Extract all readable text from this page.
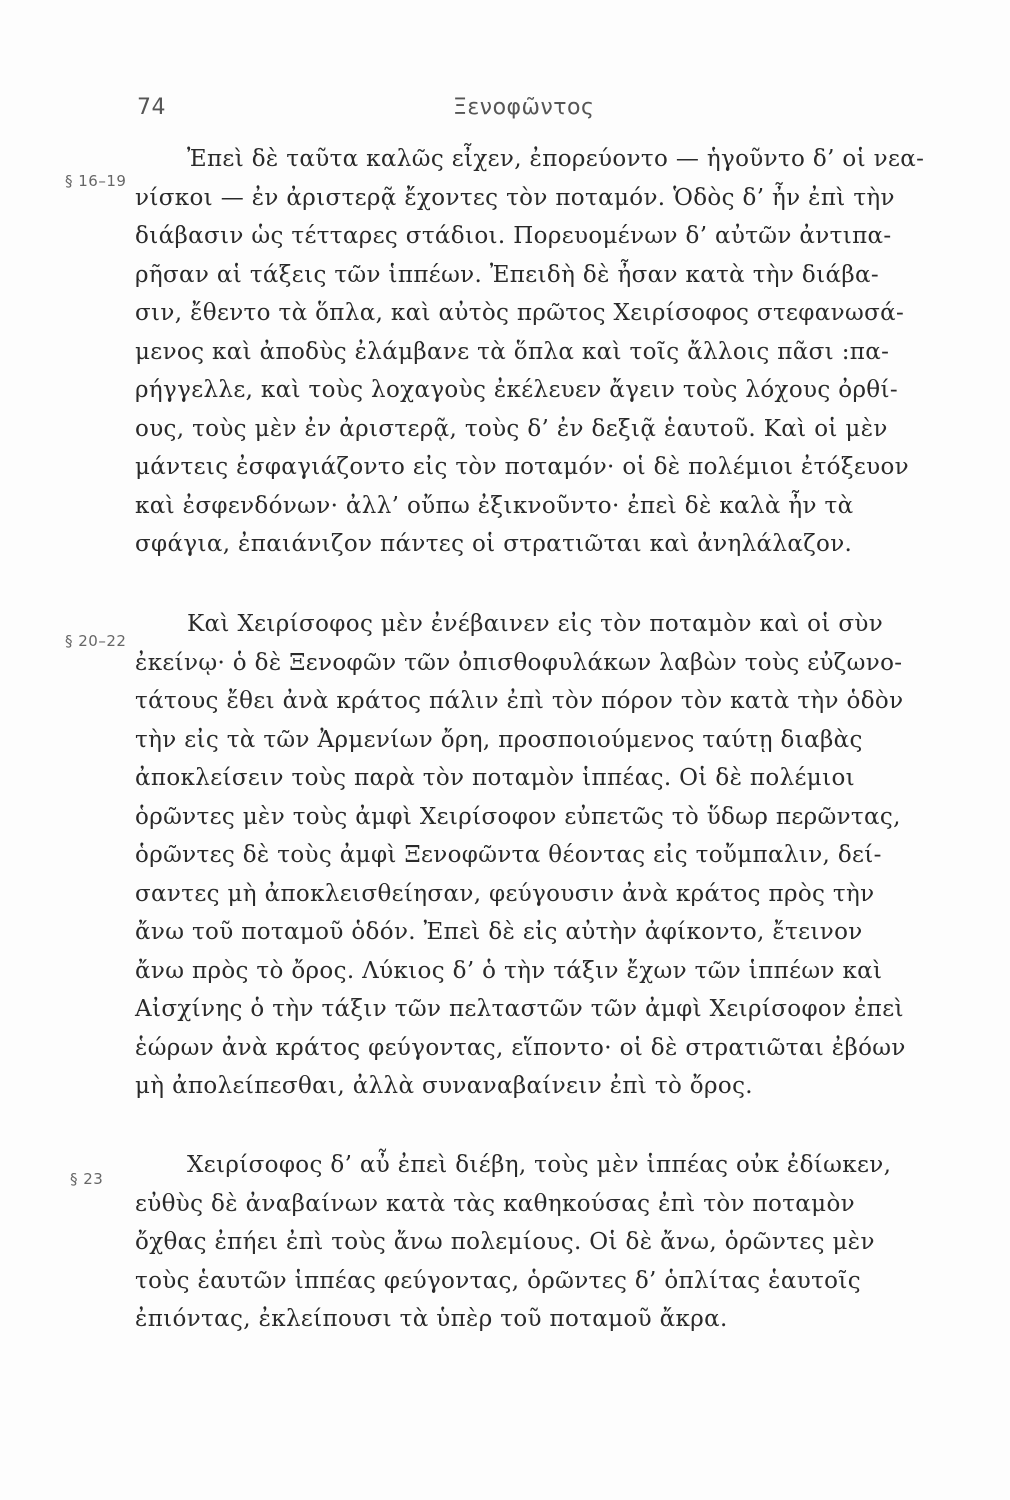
74	Ξενοφῶντος
§ 16–19
§ 20–22
§ 23
Ἐπεὶ δὲ ταῦτα καλῶς εἶχεν, ἐπορεύοντο — ἡγοῦντο δ’ οἱ νεα-
νίσκοι — ἐν ἀριστερᾷ ἔχοντες τὸν ποταμόν. Ὁδὸς δ’ ἦν ἐπὶ τὴν
διάβασιν ὡς τέτταρες στάδιοι. Πορευομένων δ’ αὐτῶν ἀντιπα-
ρῆσαν αἱ τάξεις τῶν ἱππέων. Ἐπειδὴ δὲ ἦσαν κατὰ τὴν διάβα-
σιν, ἔθεντο τὰ ὅπλα, καὶ αὐτὸς πρῶτος Χειρίσοφος στεφανωσά-
μενος καὶ ἀποδὺς ἐλάμβανε τὰ ὅπλα καὶ τοῖς ἄλλοις πᾶσι :πα-
ρήγγελλε, καὶ τοὺς λοχαγοὺς ἐκέλευεν ἄγειν τοὺς λόχους ὀρθί-
ους, τοὺς μὲν ἐν ἀριστερᾷ, τοὺς δ’ ἐν δεξιᾷ ἑαυτοῦ. Καὶ οἱ μὲν
μάντεις ἐσφαγιάζοντο εἰς τὸν ποταμόν· οἱ δὲ πολέμιοι ἐτόξευον
καὶ ἐσφενδόνων· ἀλλ’ οὔπω ἐξικνοῦντο· ἐπεὶ δὲ καλὰ ἦν τὰ
σφάγια, ἐπαιάνιζον πάντες οἱ στρατιῶται καὶ ἀνηλάλαζον.
Καὶ Χειρίσοφος μὲν ἐνέβαινεν εἰς τὸν ποταμὸν καὶ οἱ σὺν
ἐκείνῳ· ὁ δὲ Ξενοφῶν τῶν ὀπισθοφυλάκων λαβὼν τοὺς εὐζωνο-
τάτους ἔθει ἀνὰ κράτος πάλιν ἐπὶ τὸν πόρον τὸν κατὰ τὴν ὁδὸν
τὴν εἰς τὰ τῶν Ἀρμενίων ὄρη, προσποιούμενος ταύτῃ διαβὰς
ἀποκλείσειν τοὺς παρὰ τὸν ποταμὸν ἱππέας. Οἱ δὲ πολέμιοι
ὁρῶντες μὲν τοὺς ἀμφὶ Χειρίσοφον εὐπετῶς τὸ ὕδωρ περῶντας,
ὁρῶντες δὲ τοὺς ἀμφὶ Ξενοφῶντα θέοντας εἰς τοὔμπαλιν, δεί-
σαντες μὴ ἀποκλεισθείησαν, φεύγουσιν ἀνὰ κράτος πρὸς τὴν
ἄνω τοῦ ποταμοῦ ὁδόν. Ἐπεὶ δὲ εἰς αὐτὴν ἀφίκοντο, ἔτεινον
ἄνω πρὸς τὸ ὄρος. Λύκιος δ’ ὁ τὴν τάξιν ἔχων τῶν ἱππέων καὶ
Αἰσχίνης ὁ τὴν τάξιν τῶν πελταστῶν τῶν ἀμφὶ Χειρίσοφον ἐπεὶ
ἑώρων ἀνὰ κράτος φεύγοντας, εἵποντο· οἱ δὲ στρατιῶται ἐβόων
μὴ ἀπολείπεσθαι, ἀλλὰ συναναβαίνειν ἐπὶ τὸ ὄρος.
Χειρίσοφος δ’ αὖ ἐπεὶ διέβη, τοὺς μὲν ἱππέας οὐκ ἐδίωκεν,
εὐθὺς δὲ ἀναβαίνων κατὰ τὰς καθηκούσας ἐπὶ τὸν ποταμὸν
ὄχθας ἐπήει ἐπὶ τοὺς ἄνω πολεμίους. Οἱ δὲ ἄνω, ὁρῶντες μὲν
τοὺς ἑαυτῶν ἱππέας φεύγοντας, ὁρῶντες δ’ ὁπλίτας ἑαυτοῖς
ἐπιόντας, ἐκλείπουσι τὰ ὑπὲρ τοῦ ποταμοῦ ἄκρα.
